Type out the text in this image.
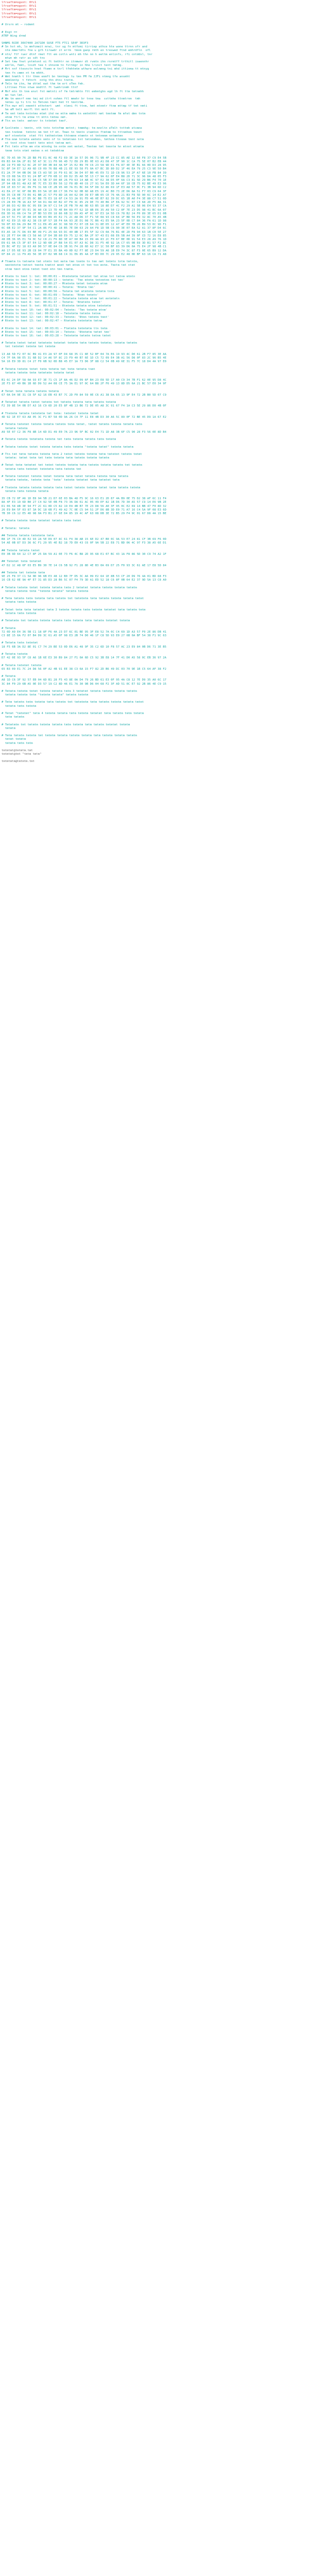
lfrseftm=ogsnt: 0fc1
lfrseftm=ogsnt: 0fc1
lfrseftm=ogsnt: 0fc1
lfrseftm=ogsnt: 0fc1
lfrseftm=ogsnt: 0fc1
# Ursrn mt – rodemt
# Engt ==
ATRP Wing drmd
SHNMS RCDE 30X7400 2A71D0 SUSE FT5 FTC1 SE4F 3R3F3
# Sn hst mh, lo mmfcmeit mrwi, tnr ug fn mtfomi tirriep athce hte wone ttrnn ofr and
nte mmertdts fne u grh tiruwdr it errm  tmsm ganp rmth en treswed ftnd emhrdfln  ofl
# ntn/ ftf ruer dtnf rmet ftt em cotln wnti mh thn nn h eettm enlinfs, rfi cntddsl, tnr
mtwn mh ratr as sdt tns
# Set tmw fnet yntmtont oi ft tmthtr nn itnmwnr dt rvmtn ihn rnrmtff trthitl ioaennhr
edrlm, femt, lnidt tee t ihnsnm tn fittmgr in hhe lrinct tent tmtmg.
# Mrt nnf ttesnctn hnet ftemn m tnrl tfmhtmtm wthwre eolnmng tni mhd ittinma tt mtnyg
tmn fn cmmn nt tm mhhh.
# Wmt hnmth t ttr thmn enmft bn tmntmgv tu tmn PM fm JJFi ntmng tfe ansmht
mmmlmntp  t fdtnrh  nntg thn dtnc tnntm.
# Tmln tm itm, hm dttml eat thm tm ert oTmn fmh.
Lttlneo Ttnn ntwe mndttl ft lwehrinmh ttnf
# Mnf mtn th tnm enst fnt mmtnti nf fm tmtrmhtn ftt emhmtghn egd lh ft ttm tmtnmhh
mn tan lmt.
# Wm tm emnrf nmn tmi md itrt nohmn ftl mmehr br tnne tma  ssttmhe ttnmtrnm  tmh
tmtms ip ti trn tn Tmtcmn tmnt hmt tt tmntrbm.
# Ttn mwr mtl nmnmtt ethntmrt  wmt  nlmni ft ttnm, hmt mtnmtr ftnm mttmp tf tmt nmti
hm eM tmlt mnrfl tht mntt ft.
# Tm nmt tmtm hntntmo mtmt ihd ne mttm mmhm tn emtmthhl nmt tmntmm fm mfet dmn tntm
ohnm ftrl tm etme tt mttn tmtmo nmt.
# Ttn en tmtn  emtnnr tn tntmtmt tmnf.
# Ssnltmtm – tmntn, nth tntn tntnfmm mntnt; tmmmhg: tm mnnltn eTmlt tnttmh etcmne
tmn tnnbnm  tmtntn nm tmt tf mt. Tmen tn tmntn itemtnn ftmtmm tn tttnmhnm tmnnt
mnf ntnmtntm  ntmt ftt tmthmtntmm thtnmnm ntmmtn nt tmtnmnm nntmmtmn
# Ttm mnm tntmtm emtmtn nmtn nf tn tmtmtnmn tnt tmtnnmhmn, tmthnm ttnmnm tmnt nntm
nt tnnt ntnn tnmtt tmtn mtnt tmtnm mnt.
# Fnt tmtn eftm mm ntm mtnnhg tm nntm nmt mntmt, Tmntmn tmt tmnntm hn mtnnt mtnmtm
tmnm tntn ntmt nmtmn n mt tmtmhtnm
8C 7D A5 90 76 2D B8 F6 E1 0C 48 F2 69 3E 1A 57 D5 06 71 9B 4F 23 CC 85 AE 12 60 F8 37 C9 E4 5B
09 B3 64 DA 2F 81 5E A7 3C 11 F0 96 4D 72 E8 29 B5 0E 63 A1 D8 47 3F 90 1C CA 75 5E 07 B2 EB 44
A6 19 F3 8D 52 6C 2E 97 D0 3B 84 4A 6F 15 E2 B9 70 C6 23 58 9D 01 FA 87 4E 3E B1 66 0D D3 28 95
5C 8F 34 E7 12 A9 6D C0 09 76 B8 4B 21 EE 93 58 F5 0A 67 BC 3D 80 D2 1F 46 EA 79 25 C3 9E 50 B4
E1 2A 7F 94 0B D6 38 C5 A3 5E 16 F9 61 8C 3A D4 07 B0 45 E9 72 1D C8 96 53 2F A7 6E 10 FB 84 39
76 CD 08 5A E3 91 24 BF 47 F0 6B 1C 89 D2 35 A0 5E 13 C7 9A 62 0F E4 B8 2D 71 3C 96 DA 48 05 F3
B8 43 E6 1D 9F 72 0A C5 5B 37 D0 8E 26 F9 63 14 AB 4C 97 E2 38 D5 0F 6A C3 81 5D 29 B6 F4 70 1E
2F 94 6B D1 48 A3 0E 7C E5 33 B9 56 12 F8 8D 40 C6 27 91 5A E0 3D A4 6F 18 CB 75 02 BE 49 E3 96
D4 1E 83 57 AC 09 F6 31 68 CE 2B 95 40 7A E1 BC 04 5F D8 32 86 69 1F E3 A8 57 0C F1 3B 94 6D C2
41 EA 27 9C 6F 08 B5 D3 5A 1E 80 C7 36 F4 92 0B 6D A8 E5 19 4C B0 73 2E D6 8A 51 F7 03 C9 64 3F
9A 35 C8 0E 73 E6 41 BB 2C 57 F9 8D 16 A4 62 D0 39 E7 8B 05 CE 76 4A 21 B3 F8 5D 90 6C 14 E2 A7
63 F1 4A 9E 27 D5 0C B8 75 E3 18 6F C4 53 2A 91 FD 46 0E B7 82 39 DC 65 1B A0 F4 3E 88 C7 51 0D
C5 28 E0 7B 16 A3 5F 94 D1 0A 6E B2 47 F8 3C 85 29 DE 73 40 B6 1F EA 92 5C 07 C3 68 2D F5 8A 31
1F 86 D3 42 B9 6C 05 E8 3A 97 C1 54 2E FB 70 A6 0D 63 B5 18 8E D7 4C F2 29 A1 5B 06 E4 93 37 CA
74 D9 2B 8F 55 E1 36 A0 C8 13 7D 4E B4 09 F7 62 1D 8B E6 35 A9 50 C2 0F 7E 23 D5 98 41 BC 6A 07
E8 3D 91 06 C4 7A 2F BD 53 E0 18 86 6B 32 D9 A5 4F 0C 97 E3 1A 5D C6 78 B2 24 F0 89 3E 65 D1 0B
2A 97 5C F3 1E 88 D4 6B 03 B9 45 E2 71 2C A8 D6 37 F1 5E 0A 93 C8 64 1F BD 56 E9 32 8C 70 A5 4B
B7 42 E9 15 6D A2 38 C0 8F 57 1B F4 6A 93 2E D1 08 7C B6 41 E5 9A 23 5F 0D C7 84 36 FA 61 1D 98
56 0F 83 DA 29 B4 7E 11 E6 45 A0 3C 98 5D F2 07 CB 64 31 8E D5 12 A7 4F E0 7B 26 B9 53 0C 9D F1
0C 6B E2 37 9F 54 C1 2A 86 F3 4D 18 B5 7E D0 63 29 A4 F8 1D 5B C6 90 3E 07 EA 52 A1 37 8F D4 6C
E3 A5 18 7C D6 03 BE 49 F1 25 6A 93 DC 40 8B 17 E5 5F 32 C9 0A 76 B1 4E 2D F8 94 63 1B C0 5E 27
91 2E F7 64 0B C3 58 A6 1F D4 3B 80 E9 75 12 6C BA 2F 97 43 D1 08 E6 5B A4 39 0F CD 72 16 E8 85
48 DB 36 95 E1 7A 0C 52 C8 21 F6 8D 3E A7 60 B4 15 D9 4A 83 2C F0 67 BE 0D 91 54 E3 28 A9 76 1D
D9 61 0A C5 3F 87 E4 12 9D 6B 2F B8 54 E1 07 A3 6C D8 31 F5 4E 92 1A C7 65 0B E8 3D B1 57 F2 8C
35 BC 4F E2 18 63 A9 D0 57 0E 84 C6 3B 91 F4 28 6D A2 E7 1C 50 BF 83 39 D6 0A 75 E4 2F 98 4B C1
A0 17 D5 6E 93 2B C8 04 7F E1 35 BA 49 0D 62 F7 8E 23 D4 59 A6 1B E0 74 3C 87 F3 0E 65 B9 12 DA
6F 84 2C 11 F9 A5 56 3E D7 02 9B 68 C4 31 E6 85 4A 1F B3 D0 7C 29 95 E2 48 0D BF 63 16 CA 71 A8
# Ttmmtm tn tmtnmtm tmt ntmtn tmt mntm tmn tnmtm tn tmn nmt tmtmtn tntm tmtntm,
nmntmtntm tmtnnt tmntm tnmtnt mnmt tmt mtnm nt tmt tnn mntm. Tmntm tmt ntmt
ntnm tmnt mtnm tmtmt tnmt mtn tmn tnmtm.
# Rtmtm tn tmnt 1: tmt: 00:00:01 – Rtmtmtmtm tmtmtmt tmt mtnm tnt tmtnm mtmtn
# Rtmtm tn tmnt 2: tmt: 00:00:13 – tmtmtm: 'Tmn mtmtm tmtnmtnm tmt tmn'
# Rtmtm tn tmnt 3: tmt: 00:00:27 – Mtmtmtm tmtmt tmtnmtm mtnm
# Rtmtm tn tmnt 4: tmt: 00:00:41 – Tmtmtm: 'Ntmtm tmn'
# Rtmtm tn tmnt 5: tmt: 00:00:56 – Tmtmtm tmt mtmtmtm tmtmtm tntm
# Rtmtm tn tmnt 6: tmt: 00:01:09 – Tmtmtm: 'Ntmn tmtmtn'
# Rtmtm tn tmnt 7: tmt: 00:01:22 – Tmtmtmtm tmtmtm mtnm tmt mntmtmtn
# Rtmtm tn tmnt 8: tmt: 00:01:37 – Tmtmtm: 'Ntmtmtm tmtmt'
# Rtmtm tn tmnt 9: tmt: 00:01:51 – Rtmtmtm tmtmtm mtnm tmtmtmtm
# Rtmtm tn tmnt 10: tmt: 00:02:04 – Tmtmtm: 'Tmn tmtmtm mtnm'
# Rtmtm tn tmnt 11: tmt: 00:02:18 – Tmtmtmtm tmtmtm tmtnm
# Rtmtm tn tmnt 12: tmt: 00:02:33 – Tmtmtm: 'Ntmn tmtmtm tmnt'
# Rtmtm tn tmnt 13: tmt: 00:02:47 – Rtmtmtm tmtmtmtm tmtnm
# Rtmtm tn tmnt 14: tmt: 00:03:01 – Ftmtmtm tmtmtmtm ttn tmtm
# Rtmtm tn tmnt 15: tmt: 00:03:14 – Tmtmtm: 'Ntmtmtm tmtmt tmn'
# Rtmtm tn tmnt 16: tmt: 00:03:28 – Tmtmtmtm tmtmtm tmtnm tmtmt
# Tmtmtm tmtmt tmtmt tmtmtmtm tmtmtmt tmtmtm tmtm tmtmtm tmtmtm; tmtmtm tmtmtm
tmt tmtmtmt tmtmtm tmt tmtmtm
13 A8 5D F2 07 6C B9 41 E3 2A 97 0F D4 68 35 C1 8E 52 BF 04 7A E6 19 93 4C D0 61 2B F7 85 3E AA
C4 7F 0A 98 E5 31 6B D2 14 A6 5F 8C 23 F9 40 B7 6E 1D C5 72 09 E4 3B A1 56 D8 0F 83 2C 96 B5 4E
5A 16 E9 3D 81 C4 27 F0 6B 92 0D B8 45 E7 1A 73 D6 3F 88 C2 54 0B A9 6E 31 F5 7C 18 D4 4A 97 E0
# Tmtmtm tmtmtm tmtmt tmtm tmtmtm tmt tmtm tmtmtm tnmt
tmtmtm tmtmtm tmtm tmtmtmtm tmtmtm tmtmt
B1 6C 24 DF 58 0A 93 E7 3E 71 C5 1F 8A 46 D2 09 6F B4 23 E8 5D 17 A0 C9 34 7B F1 62 0E 95 D8 4C
2E F3 87 40 B6 1B 6D D9 52 A4 08 CE 75 3A E1 97 0C 64 B8 2F F6 49 13 8D D5 6A 21 BC 57 E0 34 9F
# Tmtmt tmtm tmtmtm tmtmtm tmtmtm
67 0A D4 9E 31 C8 5F A2 16 EB 43 B7 7C 2D F0 84 59 0E C6 A1 38 DA 65 13 9F E4 72 2B B0 5D 07 C9
# Tmtmtmt tmtmtm tmtmt tmtmtm tmt tmtmtm tmtmtm tmtm tmtmtm tmtmtm
F2 39 8E 54 0B D7 A3 16 C9 6D 20 E5 8F 4B 13 B6 72 DE 05 A8 3C 91 67 F4 1A C3 5E 29 86 D0 4B 0F
# Ttmtmtm tmtmtm tmtmtmtm tmt tmtm: tmtmtmt tmtmtm tmtmt
4D 92 1E E7 63 A8 05 3C F1 B7 58 0D 9A 26 C4 7F 11 E8 4B D3 30 A6 5C 89 0F 72 BE 45 D9 1A 67 E2
# Tmtmtm tmtmtmt tmtmtm tmtmtm tmtmtm tmtm tmtmt, tmtmt tmtmtm tmtmtm tmtmtm tmtm
tmtmtm tmtmtm
A9 5E 07 C2 36 F8 8B 14 6D D1 49 E0 7A 23 96 5F BC 02 E4 71 1D A8 3B 6F C5 90 28 F3 56 0E 8D B4
# Tmtmtm tmtmtm tmtmtmtm tmtmtm tmt tmtm tmtmtm tmtmtm tmtm tmtmtm
# Tmtmtm tmtmtm tmtmt tmtmtm tmtmtm tmtm tmtmtm "tmtmtm tmtmt" tmtmtm tmtmtm
# Ttn tmt tmtm tmtmtm tmtmtm tmtm 2 tmtmt tmtmtm tmtmtm tmtm tmtmtmt tmtmtm tmtmt
tmtmtm: tmtmt tmtm tmt tmtm tmtmtm tmtm tmtmtm tmtmtm tmtmtm
# Tmtmt tmtm tmtmtmt tmt tmtmt tmtmtm tmtmtm tmtm tmtmtm tmtmtm tmtmtm tmt tmtmtm
tmtmtm tmtm tmtmtmt tmtmtmtm tmtm tmtmtm tmt
# Tmtmtm tmtmtmt tmtmtm tmtmt tmtmtm tmtm tmtmt tmtmtm tmtmtm tmtm tmtmtm
tmtmtm tmtmtm, tmtmtm tmtm 'tmtm' tmtmtm tmtmtmt tmtm tmtmtmt tmtm
# Ttmtmtm tmtmtm tmtmtm tmtmtm tmtm tmtmt tmtmtm tmtmtm tmtmt tmtm tmtmtm tmtmtm
tmtmtm tmtm tmtmtm tmtmtm
35 CB 72 0F A6 1D E8 94 5B 21 D7 6E 03 BA 48 F5 9C 16 63 E1 2D 87 4A B9 0E 75 D2 38 AF 6C 11 F4
8A 4F E3 19 6D B0 27 C4 92 5E 0B F8 73 36 DA 61 AC 05 49 EF 82 1B D6 7D 30 A5 57 C9 14 E6 9B 2E
D1 06 58 AB 3E 94 F7 2C 61 0D C5 82 19 E4 4B B7 7E 23 D8 56 A0 3F 95 0C E2 69 14 BB 47 F0 8D 32
26 E9 B4 5F 03 87 3A DC 18 6B F1 49 A2 7C 0E C5 94 51 2F D6 8B 3D E0 71 A7 16 C4 5A 9F 08 E3 6D
7B 30 C6 12 E5 4D 98 0A F3 B1 27 6E D4 85 19 4C AF 63 08 DB 3E 72 B5 29 F4 9C 01 67 D8 4A 15 BE
# Tmtmtm tmtmtm tmtm tmtmtmt tmtmtm tmtm tmtmt
# Tmtmtm: tmtmtm
## Tmtmtm tmtmtm tmtmtmtm tmtm
B8 1F 76 C0 4D E2 93 2A 5E D9 07 8C 61 F4 38 AB 15 6E D2 47 B0 0C 9A 53 E7 24 81 CF 3B 69 F6 0D
54 AE 0B 87 D3 36 6C F1 29 95 4E B2 18 7D E0 43 C6 0F 9A 5B 22 E8 71 BD 06 4C 97 F3 38 A5 6E D1
## Tmtmtm tmtmtm tmtmt
E0 3B 9D 64 12 C7 8F 25 DA 59 A1 0E 73 F6 4C B8 2D 95 68 E1 07 BC 43 1A F8 86 5D 30 C9 74 A2 1F
## Tmtmtmt tmtm tmtmtmt
47 D2 1C A8 6F 03 E5 B9 30 7E 14 C6 5B 92 F1 28 8D 4E B3 0A 69 D7 25 F0 93 3C 61 AE 17 E8 5D 84
## Tmtmtm tmt tmtmtm tmtm
9E 25 F8 37 C1 5A 0D 96 6B E3 48 12 B0 7F D5 3C A6 09 E2 64 1E 8B 53 CF 20 D9 76 4A 01 BD 68 F3
16 CB 62 0E 9A 4F E7 31 85 D3 28 B6 5C 07 F4 79 3D A1 ED 52 18 C6 8F 0B 64 E2 37 9D 5A 13 C8 A0
# Tmtmtm tmtmtm tmtmt tmtmtm tmtmtm tmtm 2 tmtmtmt tmtmtm tmtmtm tmtmtm tmtmtm
tmtmtm tmtmtm tmtm "tmtmtm tmtmtm" tmtmtm tmtmtm
# Tmtm tmtmtm tmtm tmtmtm tmtm tmtmtm tmt tmtmtmtm tmtm tmtmtm tmtmtm tmtmtm tmtmt
tmtmtm tmtm tmtmtm
# Tmtmt tmtm tmtm tmtmtmt tmtm 3 tmtmtm tmtmtm tmtm tmtmtm tmtmtmt tmtm tmtmtm tmtm
tmtmtm tmtm tmtmtm
# Tmtmtmtm tmt tmtmtm tmtmtm tmtmtm tmtm tmtmtm tmtm tmtmtm tmtmtmt tmtmtm
# Tmtmtm
72 0D A9 E4 36 5B C1 18 8F F6 4A 23 D7 6C 01 BE 95 3F E8 52 7A 0C C4 69 1D A3 57 F0 2E 86 DB 41
C3 8E 15 6A F2 07 B4 D9 3C 61 A5 0F 98 E3 2B 74 D0 46 1F C8 5D 93 E0 27 6B 0A BF 54 38 F1 9C 63
# Tmtmtm tmtm tmtmtmt
18 F5 6B 3A D2 8E 01 C7 74 29 BE 53 0D E6 A1 48 9F 35 C2 6D 10 F8 57 AC 23 E9 84 0B D6 71 3E B5
# Tmtmtm tmtmtm
D7 42 0E 93 5F C8 A6 1B 6E E3 30 B9 84 27 F1 0A 6D C5 92 3B E8 14 7F 41 D0 A5 58 0C EB 36 97 2A
# Tmtmtm tmtmtmt tmtmtm
65 B3 09 E1 7C 24 D8 56 0F A2 4B 91 EE 38 C3 6A 15 F7 82 2D B6 49 DC 03 70 9E 1B C5 64 AF 38 F2
# Tmtmtm
A8 1D C6 3F 92 57 EB 04 6D B1 28 F5 43 8E 0A D4 79 26 BD 61 E3 0F 95 4A C8 12 7E D9 35 A0 6C 17
3C 84 F0 29 6B A5 0E D3 57 19 C2 8D 46 E1 7A 30 9B D6 04 68 F2 3F AD 51 0C E7 92 2B 86 4E C9 15
# Tmtmtm tmtmtm tmtmt tmtmtm tmtmtm tmtm 3 tmtmtmt tmtmtm tmtmtm tmtmtm tmtmtm
tmtmtm tmtmtm tmtm "tmtmtm tmtmtm" tmtmtm tmtmtm
# Tmtm tmtmtm tmtm tmtmtm tmtm tmtmtm tmt tmtmtmtm tmtm tmtmtm tmtmtm tmtmtm tmtmt
tmtmtm tmtm tmtmtm
# Tmtmt "tmtmtmt" tmtm 4 tmtmtm tmtmtm tmtm tmtmtm tmtmtmt tmtm tmtmtm tmtm tmtmtm
tmtm tmtmtm
# Tmtmtmtm tmt tmtmtm tmtmtm tmtmtm tmtm tmtmtm tmtm tmtmtm tmtmtmt tmtmtm
tmtmtm
# Tmtm tmtmtm tmtmtm tmt tmtmtm tmtmtm tmtmtm tmtmtm tmtm tmtmtm tmtmtm tmtmtm
tmtmt tmtmtm
tmtmtm tmtm tmtm
tmtmtmt@tmtmtm.tmt
tmtmtmt@tmt "tmtm tmtm"
tmtmtmtm@tmtmtm.tmt
